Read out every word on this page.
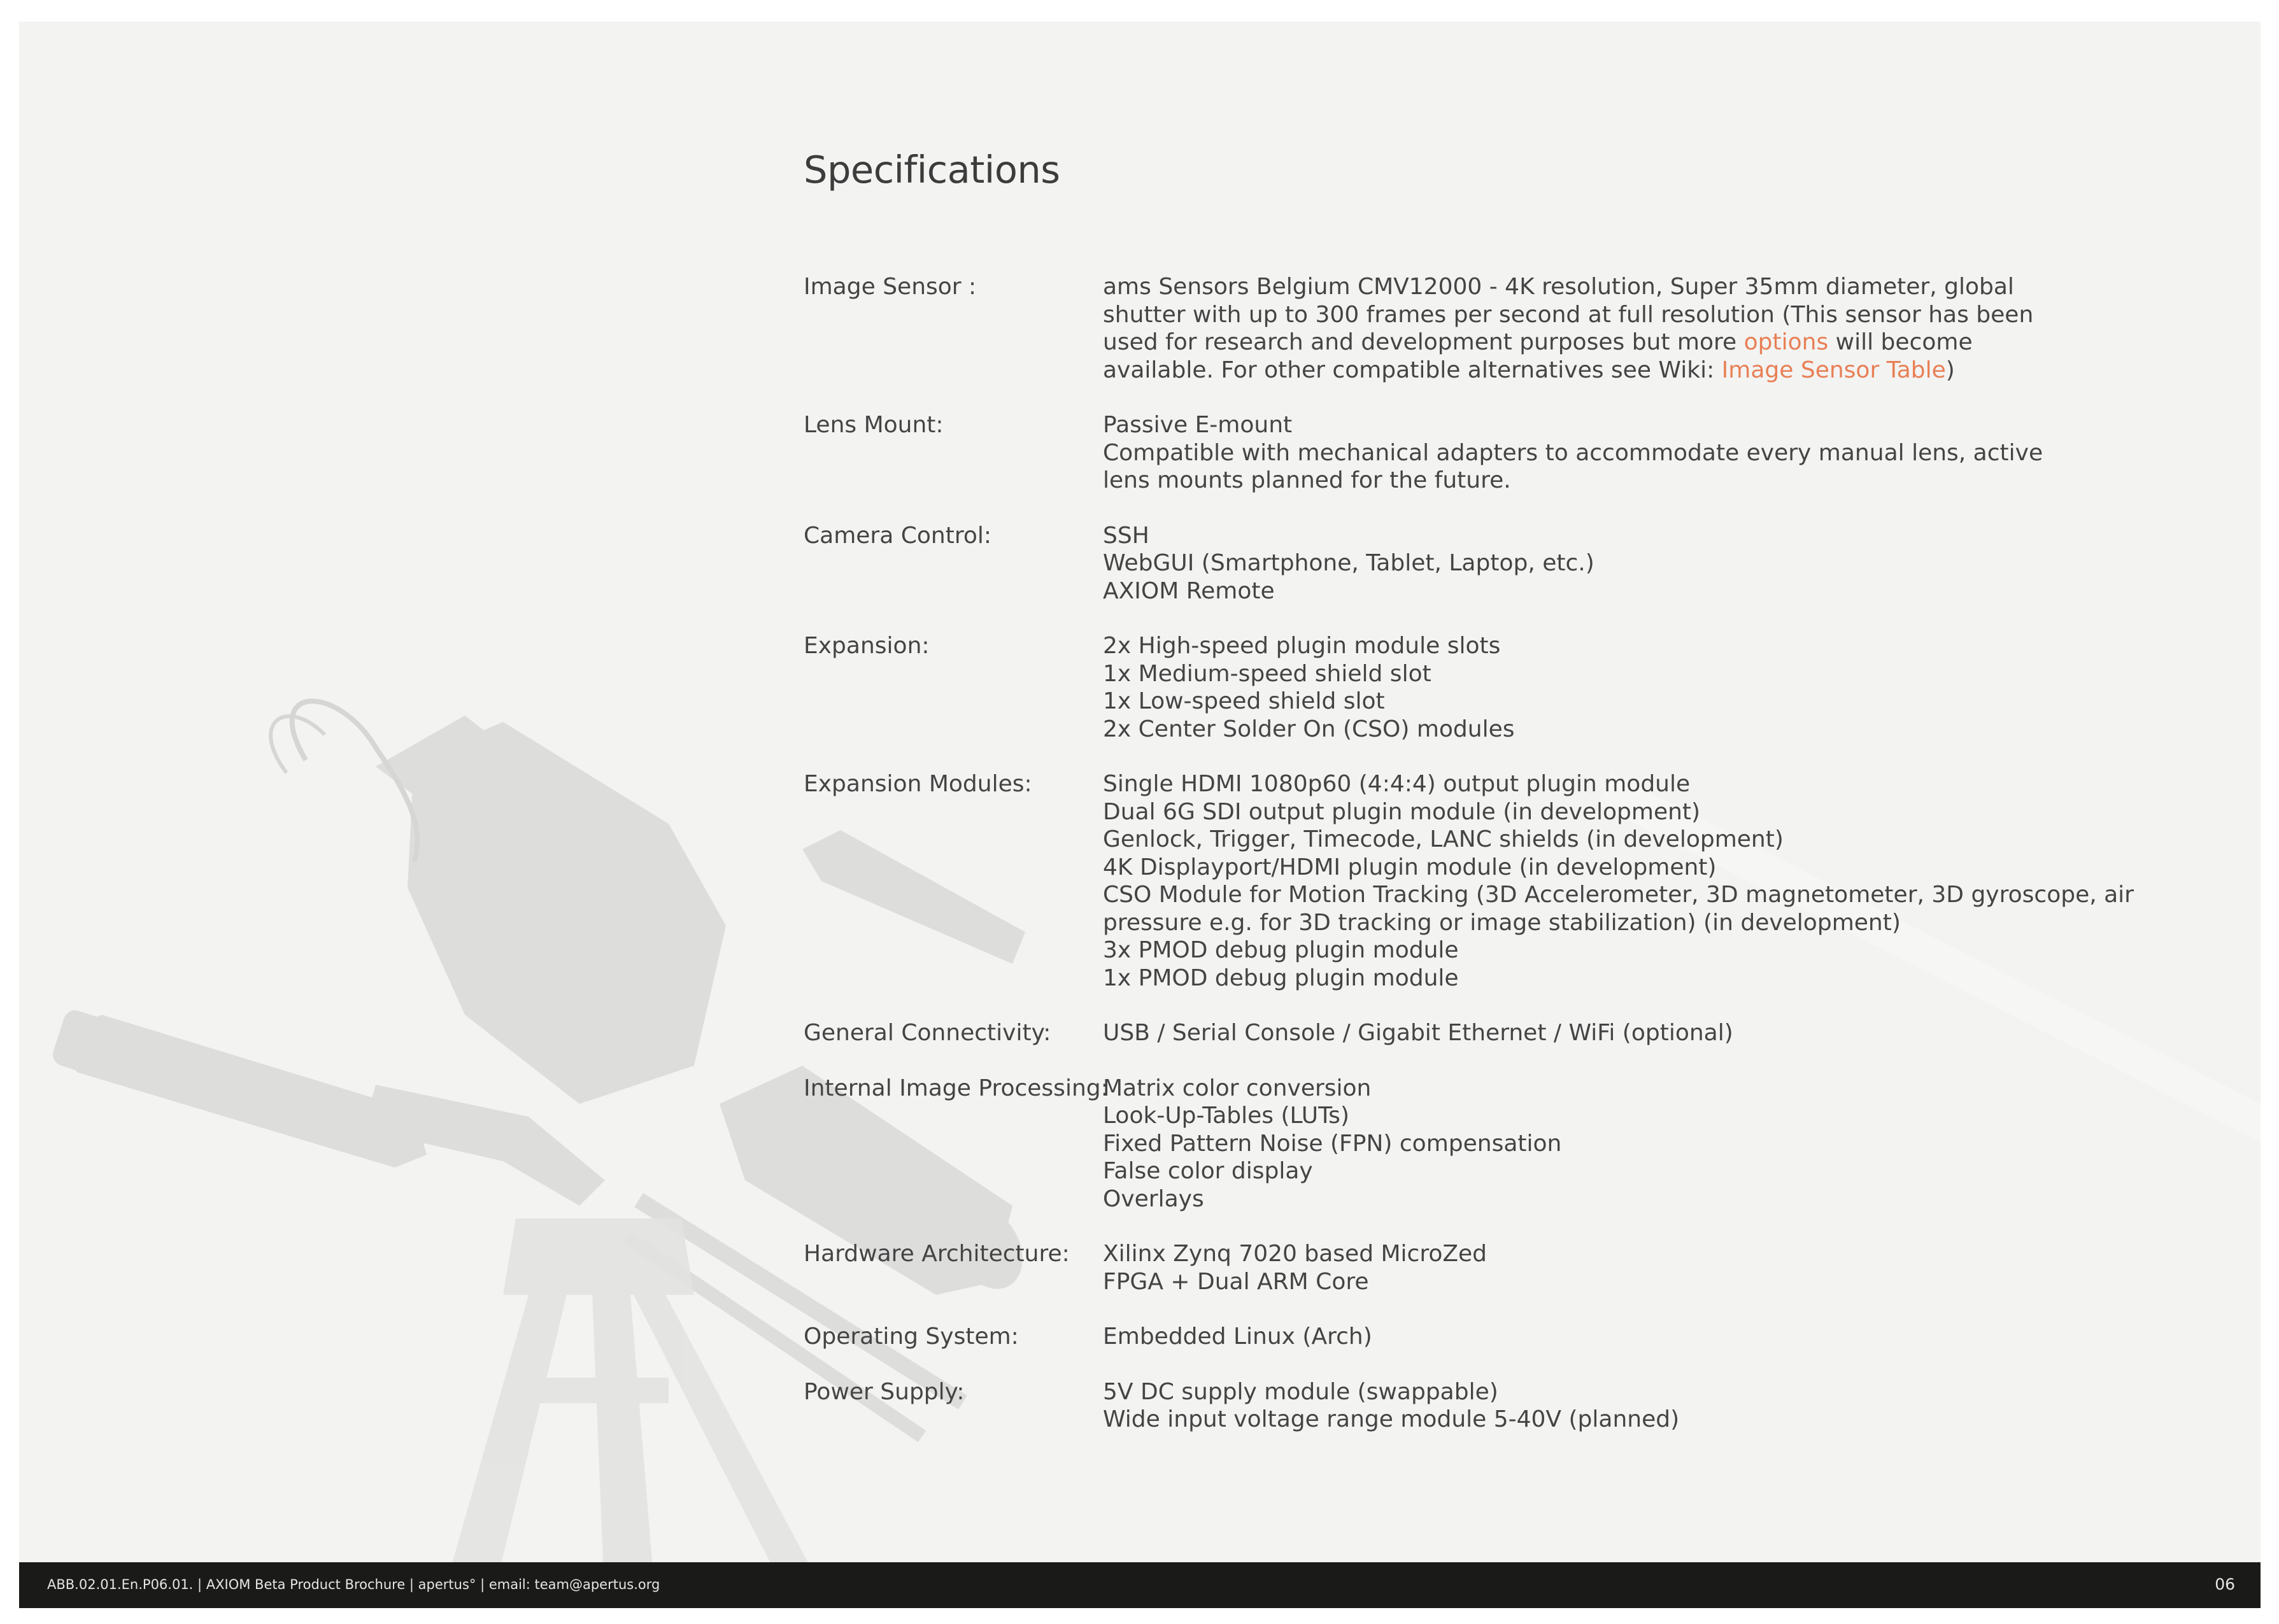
Specifications
Image Sensor :	ams Sensors Belgium CMV12000 - 4K resolution, Super 35mm diameter, global shutter with up to 300 frames per second at full resolution (This sensor has been used for research and development purposes but more options will become available. For other compatible alternatives see Wiki: Image Sensor Table)
Lens Mount:	Passive E-mount
Compatible with mechanical adapters to accommodate every manual lens, active lens mounts planned for the future.
Camera Control:	SSH
WebGUI (Smartphone, Tablet, Laptop, etc.)
AXIOM Remote
Expansion:	2x High-speed plugin module slots
1x Medium-speed shield slot
1x Low-speed shield slot
2x Center Solder On (CSO) modules
Expansion Modules:	Single HDMI 1080p60 (4:4:4) output plugin module
Dual 6G SDI output plugin module (in development)
Genlock, Trigger, Timecode, LANC shields (in development)
4K Displayport/HDMI plugin module (in development)
CSO Module for Motion Tracking (3D Accelerometer, 3D magnetometer, 3D gyroscope, air
pressure e.g. for 3D tracking or image stabilization) (in development)
3x PMOD debug plugin module
1x PMOD debug plugin module
General Connectivity:	USB / Serial Console / Gigabit Ethernet / WiFi (optional)
Internal Image Processing:
Matrix color conversion
Look-Up-Tables (LUTs)
Fixed Pattern Noise (FPN) compensation
False color display
Overlays
Hardware Architecture:	Xilinx Zynq 7020 based MicroZed
FPGA + Dual ARM Core
Operating System:	Embedded Linux (Arch)
Power Supply:	5V DC supply module (swappable)
Wide input voltage range module 5-40V (planned)
ABB.02.01.En.P06.01. | AXIOM Beta Product Brochure | apertus° | email: team@apertus.org	06
